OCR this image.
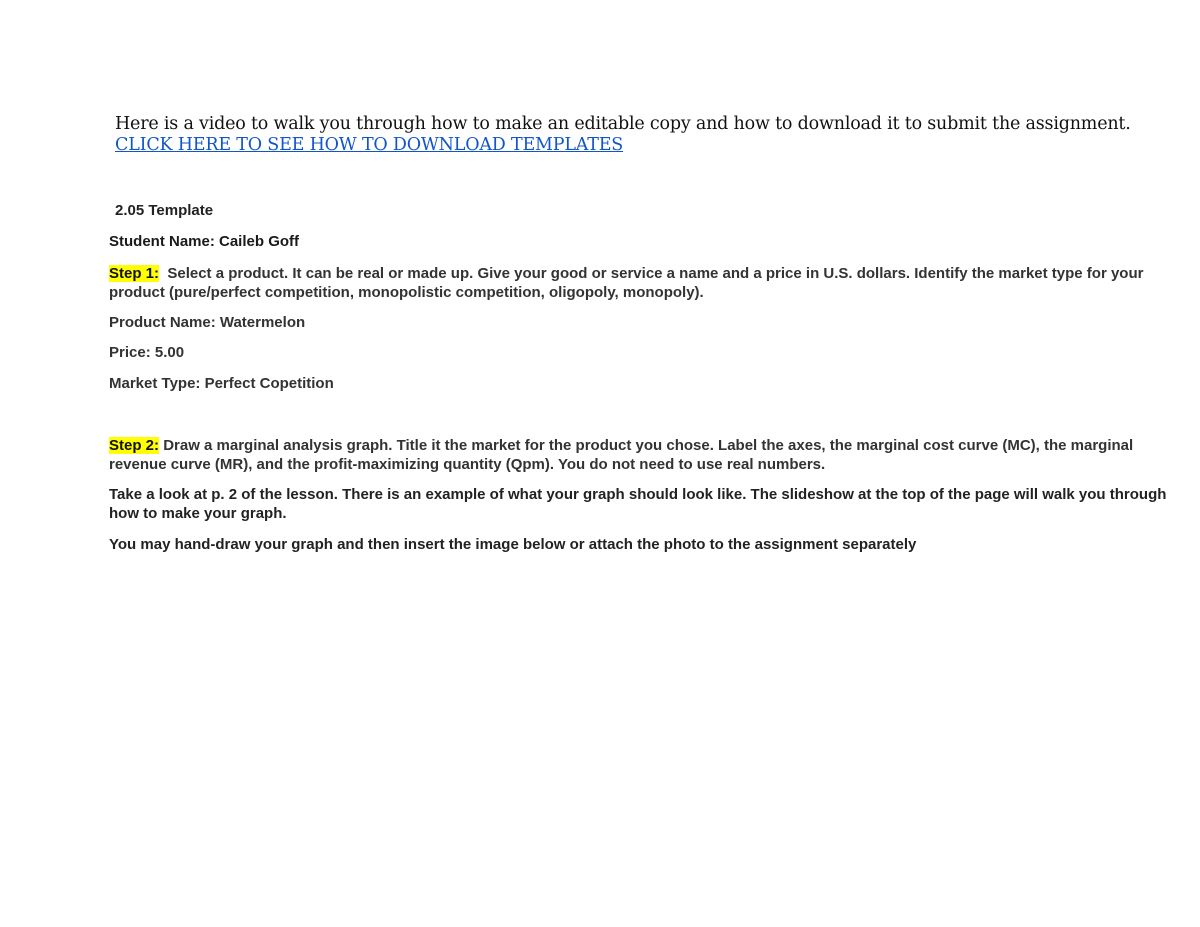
Here is a video to walk you through how to make an editable copy and how to download it to submit the assignment.CLICK HERE TO SEE HOW TO DOWNLOAD TEMPLATES
2.05 Template
Student Name: Caileb Goff
Step 1: Select a product. It can be real or made up. Give your good or service a name and a price in U.S. dollars. Identify the market type for your product (pure/perfect competition, monopolistic competition, oligopoly, monopoly).
Product Name: Watermelon
Price: 5.00
Market Type: Perfect Copetition
Step 2: Draw a marginal analysis graph. Title it the market for the product you chose. Label the axes, the marginal cost curve (MC), the marginal revenue curve (MR), and the profit-maximizing quantity (Qpm). You do not need to use real numbers.
Take a look at p. 2 of the lesson. There is an example of what your graph should look like. The slideshow at the top of the page will walk you through how to make your graph.
You may hand-draw your graph and then insert the image below or attach the photo to the assignment separately
